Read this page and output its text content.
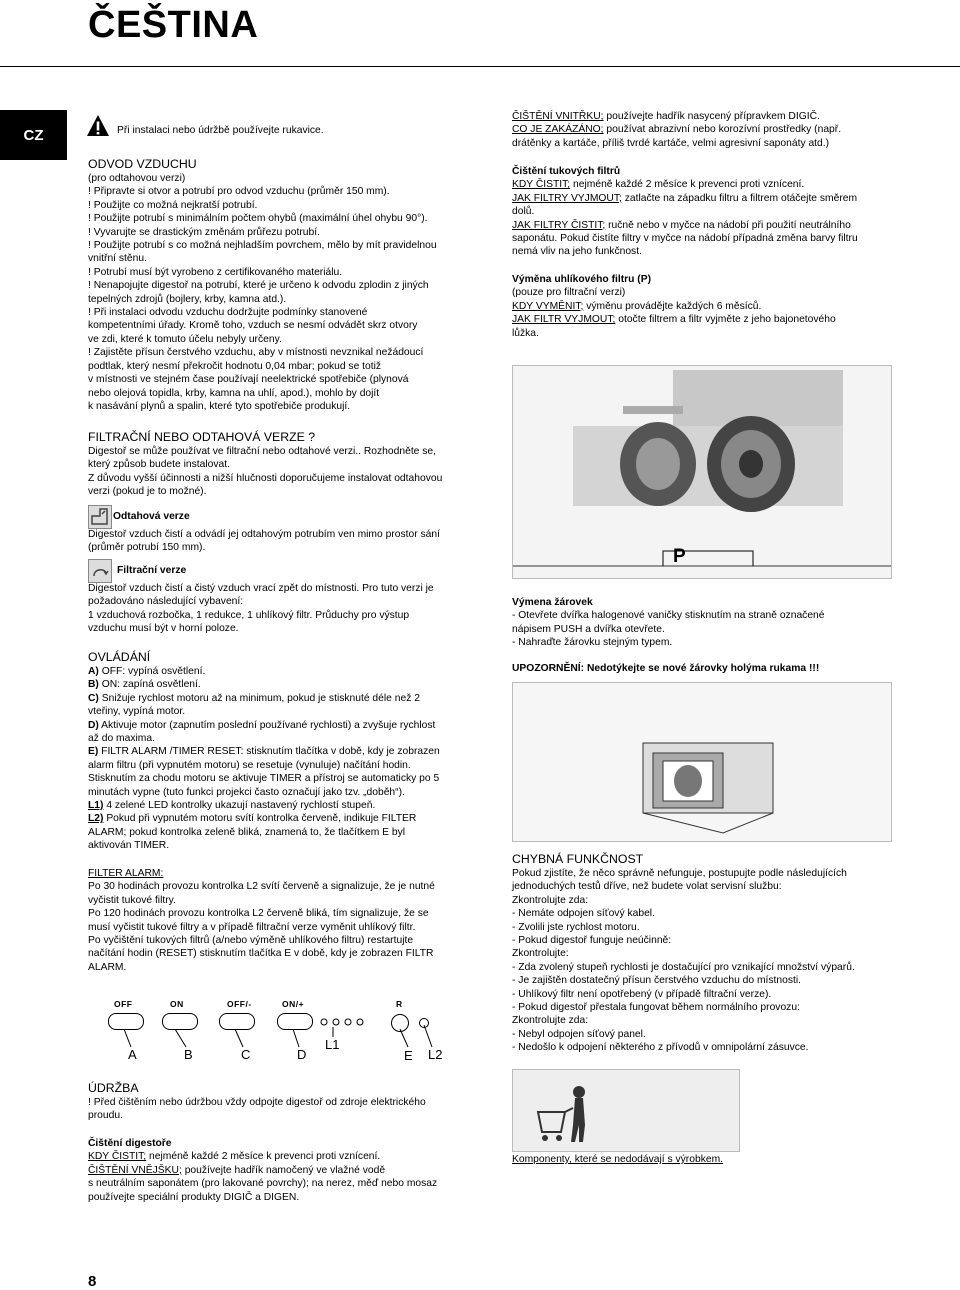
ČEŠTINA
CZ	Při instalaci nebo údržbě používejte rukavice.
ODVOD VZDUCHU
(pro odtahovou verzi)
! Připravte si otvor a potrubí pro odvod vzduchu (průměr 150 mm).
! Použijte co možná nejkratší potrubí.
! Použijte potrubí s minimálním počtem ohybů (maximální úhel ohybu 90°).
! Vyvarujte se drastickým změnám průřezu potrubí.
! Použijte potrubí s co možná nejhladším povrchem, mělo by mít pravidelnou
vnitřní stěnu.
! Potrubí musí být vyrobeno z certifikovaného materiálu.
! Nenapojujte digestoř na potrubí, které je určeno k odvodu zplodin z jiných
tepelných zdrojů (bojlery, krby, kamna atd.).
! Při instalaci odvodu vzduchu dodržujte podmínky stanovené
kompetentními úřady. Kromě toho, vzduch se nesmí odvádět skrz otvory
ve zdi, které k tomuto účelu nebyly určeny.
! Zajistěte přísun čerstvého vzduchu, aby v místnosti nevznikal nežádoucí
podtlak, který nesmí překročit hodnotu 0,04 mbar; pokud se totiž
v místnosti ve stejném čase používají neelektrické spotřebiče (plynová
nebo olejová topidla, krby, kamna na uhlí, apod.), mohlo by dojít
k nasávání plynů a spalin, které tyto spotřebiče produkují.
FILTRAČNÍ NEBO ODTAHOVÁ VERZE ?
Digestoř se může používat ve filtrační nebo odtahové verzi.. Rozhodněte se,
který způsob budete instalovat.
Z důvodu vyšší účinnosti a nižší hlučnosti doporučujeme instalovat odtahovou
verzi (pokud je to možné).
Odtahová verze
Digestoř vzduch čistí a odvádí jej odtahovým potrubím ven mimo prostor sání
(průměr potrubí 150 mm).
Filtrační verze
Digestoř vzduch čistí a čistý vzduch vrací zpět do místnosti. Pro tuto verzi je
požadováno následující vybavení:
1 vzduchová rozbočka, 1 redukce, 1 uhlíkový filtr. Průduchy pro výstup
vzduchu musí být v horní poloze.
OVLÁDÁNÍ
A) OFF: vypíná osvětlení.
B) ON: zapíná osvětlení.
C) Snižuje rychlost motoru až na minimum, pokud je stisknuté déle než 2
vteřiny, vypíná motor.
D) Aktivuje motor (zapnutím poslední používané rychlosti) a zvyšuje rychlost
až do maxima.
E) FILTR ALARM /TIMER RESET: stisknutím tlačítka v době, kdy je zobrazen
alarm filtru (při vypnutém motoru) se resetuje (vynuluje) načítání hodin.
Stisknutím za chodu motoru se aktivuje TIMER a přístroj se automaticky po 5
minutách vypne (tuto funkci projekci často označují jako tzv. „doběh“).
L1) 4 zelené LED kontrolky ukazují nastavený rychlostí stupeň.
L2) Pokud při vypnutém motoru svítí kontrolka červeně, indikuje FILTER
ALARM; pokud kontrolka zeleně bliká, znamená to, že tlačítkem E byl
aktivován TIMER.
FILTER ALARM:
Po 30 hodinách provozu kontrolka L2 svítí červeně a signalizuje, že je nutné
vyčistit tukové filtry.
Po 120 hodinách provozu kontrolka L2 červeně bliká, tím signalizuje, že se
musí vyčistit tukové filtry a v případě filtrační verze vyměnit uhlíkový filtr.
Po vyčištění tukových filtrů (a/nebo výměně uhlíkového filtru) restartujte
načítání hodin (RESET) stisknutím tlačítka E v době, kdy je zobrazen FILTR
ALARM.
OFF	ON	OFF/-	ON/+	R
A	B	C	D
L1
E L2
ÚDRŽBA
! Před čištěním nebo údržbou vždy odpojte digestoř od zdroje elektrického
proudu.
Čištění digestoře
KDY ČISTIT; nejméně každé 2 měsíce k prevenci proti vznícení.
ČIŠTĚNÍ VNĚJŠKU; používejte hadřík namočený ve vlažné vodě
s neutrálním saponátem (pro lakované povrchy); na nerez, měď nebo mosaz
používejte speciální produkty DIGIČ a DIGEN.
8
ČIŠTĚNÍ VNITŘKU; používejte hadřík nasycený přípravkem DIGIČ.
CO JE ZAKÁZÁNO; používat abrazivní nebo korozívní prostředky (např.
drátěnky a kartáče, příliš tvrdé kartáče, velmi agresivní saponáty atd.)
Čištění tukových filtrů
KDY ČISTIT; nejméně každé 2 měsíce k prevenci proti vznícení.
JAK FILTRY VYJMOUT; zatlačte na západku filtru a filtrem otáčejte směrem
dolů.
JAK FILTRY ČISTIT; ručně nebo v myčce na nádobí při použití neutrálního
saponátu. Pokud čistíte filtry v myčce na nádobí případná změna barvy filtru
nemá vliv na jeho funkčnost.
Výměna uhlíkového filtru (P)
(pouze pro filtrační verzi)
KDY VYMĚNIT; výměnu provádějte každých 6 měsíců.
JAK FILTR VYJMOUT; otočte filtrem a filtr vyjměte z jeho bajonetového
lůžka.
P
Výmena žárovek
- Otevřete dvířka halogenové vaničky stisknutím na straně označené
nápisem PUSH a dvířka otevřete.
- Nahraďte žárovku stejným typem.
UPOZORNĚNÍ: Nedotýkejte se nové žárovky holýma rukama !!!
CHYBNÁ FUNKČNOST
Pokud zjistíte, že něco správně nefunguje, postupujte podle následujících
jednoduchých testů dříve, než budete volat servisní službu:
Zkontrolujte zda:
- Nemáte odpojen síťový kabel.
- Zvolili jste rychlost motoru.
- Pokud digestoř funguje neúčinně:
Zkontrolujte:
- Zda zvolený stupeň rychlosti je dostačující pro vznikající množství výparů.
- Je zajištěn dostatečný přísun čerstvého vzduchu do místnosti.
- Uhlíkový filtr není opotřebený (v případě filtrační verze).
- Pokud digestoř přestala fungovat během normálního provozu:
Zkontrolujte zda:
- Nebyl odpojen síťový panel.
- Nedošlo k odpojení některého z přívodů v omnipolární zásuvce.
Komponenty, které se nedodávají s výrobkem.
